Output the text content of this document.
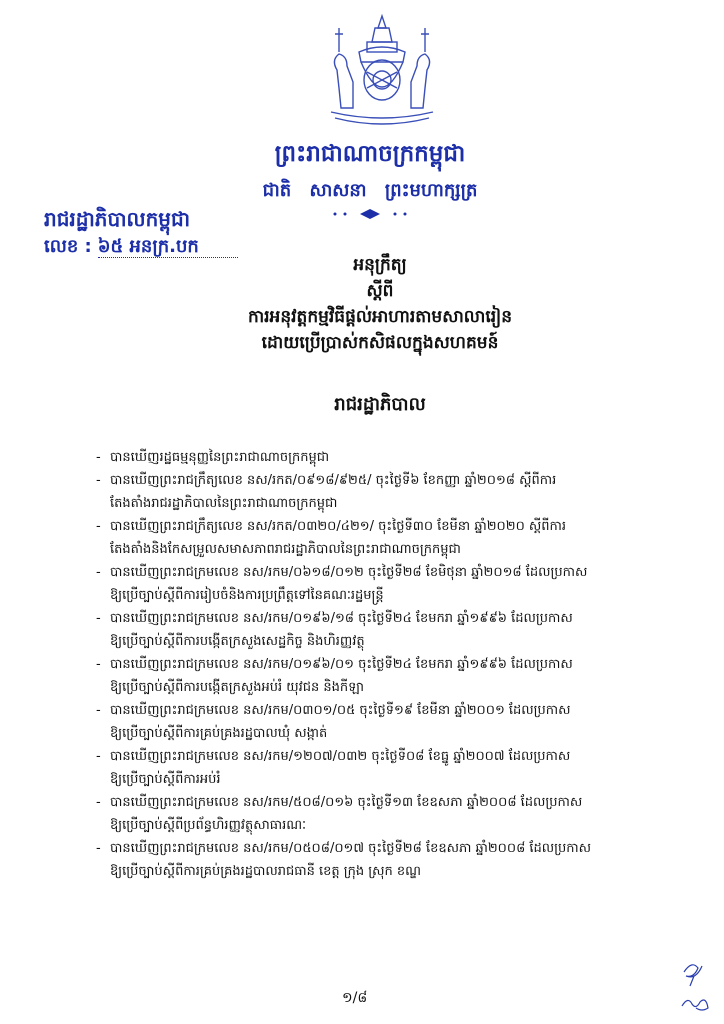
ព្រះរាជាណាចក្រកម្ពុជា
ជាតិ សាសនា ព្រះមហាក្សត្រ
រាជរដ្ឋាភិបាលកម្ពុជា
លេខ : ៦៥ អនក្រ.បក
អនុក្រឹត្យ
ស្តីពី
ការអនុវត្តកម្មវិធីផ្តល់អាហារតាមសាលារៀន
ដោយប្រើប្រាស់កសិផលក្នុងសហគមន៍
រាជរដ្ឋាភិបាល
- បានឃើញរដ្ឋធម្មនុញ្ញនៃព្រះរាជាណាចក្រកម្ពុជា
- បានឃើញព្រះរាជក្រឹត្យលេខ នស/រកត/០៩១៨/៩២៥/ ចុះថ្ងៃទី៦ ខែកញ្ញា ឆ្នាំ២០១៨ ស្តីពីការ
តែងតាំងរាជរដ្ឋាភិបាលនៃព្រះរាជាណាចក្រកម្ពុជា
- បានឃើញព្រះរាជក្រឹត្យលេខ នស/រកត/០៣២០/៤២១/ ចុះថ្ងៃទី៣០ ខែមីនា ឆ្នាំ២០២០ ស្តីពីការ
តែងតាំងនិងកែសម្រួលសមាសភាពរាជរដ្ឋាភិបាលនៃព្រះរាជាណាចក្រកម្ពុជា
- បានឃើញព្រះរាជក្រមលេខ នស/រកម/០៦១៨/០១២ ចុះថ្ងៃទី២៨ ខែមិថុនា ឆ្នាំ២០១៨ ដែលប្រកាស
ឱ្យប្រើច្បាប់ស្តីពីការរៀបចំនិងការប្រព្រឹត្តទៅនៃគណៈរដ្ឋមន្ត្រី
- បានឃើញព្រះរាជក្រមលេខ នស/រកម/០១៩៦/១៨ ចុះថ្ងៃទី២៤ ខែមករា ឆ្នាំ១៩៩៦ ដែលប្រកាស
ឱ្យប្រើច្បាប់ស្តីពីការបង្កើតក្រសួងសេដ្ឋកិច្ច និងហិរញ្ញវត្ថុ
- បានឃើញព្រះរាជក្រមលេខ នស/រកម/០១៩៦/០១ ចុះថ្ងៃទី២៤ ខែមករា ឆ្នាំ១៩៩៦ ដែលប្រកាស
ឱ្យប្រើច្បាប់ស្តីពីការបង្កើតក្រសួងអប់រំ យុវជន និងកីឡា
- បានឃើញព្រះរាជក្រមលេខ នស/រកម/០៣០១/០៥ ចុះថ្ងៃទី១៩ ខែមីនា ឆ្នាំ២០០១ ដែលប្រកាស
ឱ្យប្រើច្បាប់ស្តីពីការគ្រប់គ្រងរដ្ឋបាលឃុំ សង្កាត់
- បានឃើញព្រះរាជក្រមលេខ នស/រកម/១២០៧/០៣២ ចុះថ្ងៃទី០៨ ខែធ្នូ ឆ្នាំ២០០៧ ដែលប្រកាស
ឱ្យប្រើច្បាប់ស្តីពីការអប់រំ
- បានឃើញព្រះរាជក្រមលេខ នស/រកម/៥០៨/០១៦ ចុះថ្ងៃទី១៣ ខែឧសភា ឆ្នាំ២០០៨ ដែលប្រកាស
ឱ្យប្រើច្បាប់ស្តីពីប្រព័ន្ធហិរញ្ញវត្ថុសាធារណៈ
- បានឃើញព្រះរាជក្រមលេខ នស/រកម/០៥០៨/០១៧ ចុះថ្ងៃទី២៨ ខែឧសភា ឆ្នាំ២០០៨ ដែលប្រកាស
ឱ្យប្រើច្បាប់ស្តីពីការគ្រប់គ្រងរដ្ឋបាលរាជធានី ខេត្ត ក្រុង ស្រុក ខណ្ឌ
១/៨
